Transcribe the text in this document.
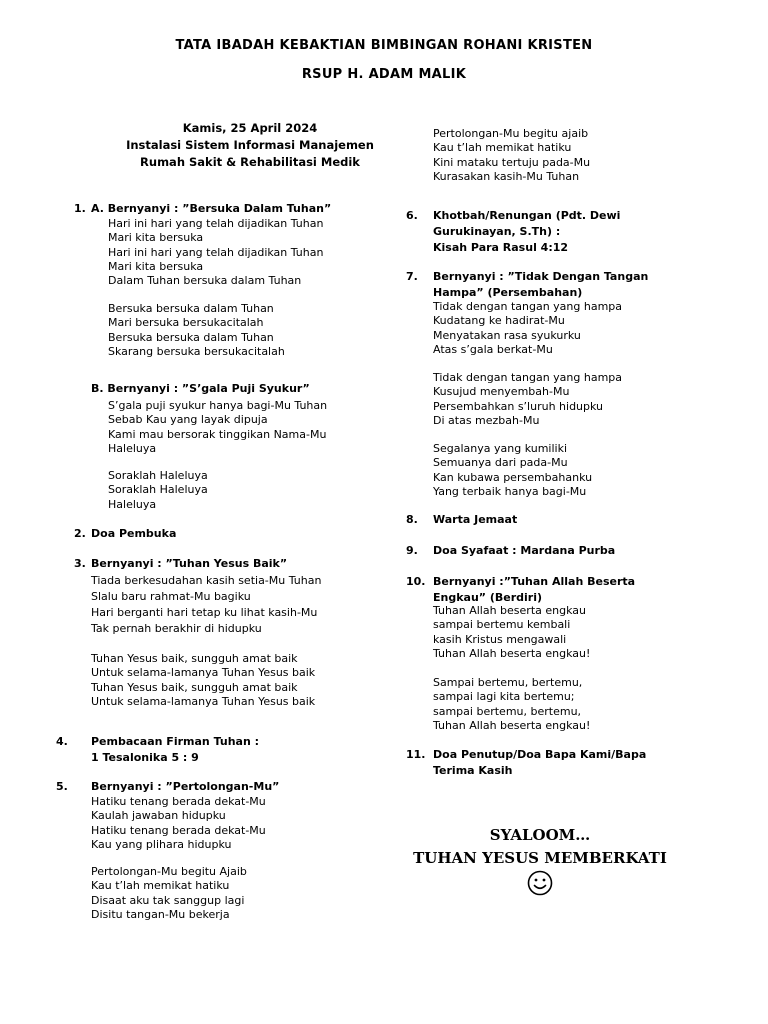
TATA IBADAH KEBAKTIAN BIMBINGAN ROHANI KRISTEN
RSUP H. ADAM MALIK
Kamis, 25 April 2024
Instalasi Sistem Informasi Manajemen
Rumah Sakit & Rehabilitasi Medik
1. A. Bernyanyi : ”Bersuka Dalam Tuhan”
Hari ini hari yang telah dijadikan Tuhan
Mari kita bersuka
Hari ini hari yang telah dijadikan Tuhan
Mari kita bersuka
Dalam Tuhan bersuka dalam Tuhan
Bersuka bersuka dalam Tuhan
Mari bersuka bersukacitalah
Bersuka bersuka dalam Tuhan
Skarang bersuka bersukacitalah
B. Bernyanyi : ”S’gala Puji Syukur”
S’gala puji syukur hanya bagi-Mu Tuhan
Sebab Kau yang layak dipuja
Kami mau bersorak tinggikan Nama-Mu
Haleluya
Soraklah Haleluya
Soraklah Haleluya
Haleluya
2. Doa Pembuka
3. Bernyanyi : ”Tuhan Yesus Baik”
Tiada berkesudahan kasih setia-Mu Tuhan
Slalu baru rahmat-Mu bagiku
Hari berganti hari tetap ku lihat kasih-Mu
Tak pernah berakhir di hidupku
Tuhan Yesus baik, sungguh amat baik
Untuk selama-lamanya Tuhan Yesus baik
Tuhan Yesus baik, sungguh amat baik
Untuk selama-lamanya Tuhan Yesus baik
4. Pembacaan Firman Tuhan :
1 Tesalonika 5 : 9
5. Bernyanyi : ”Pertolongan-Mu”
Hatiku tenang berada dekat-Mu
Kaulah jawaban hidupku
Hatiku tenang berada dekat-Mu
Kau yang plihara hidupku
Pertolongan-Mu begitu Ajaib
Kau t’lah memikat hatiku
Disaat aku tak sanggup lagi
Disitu tangan-Mu bekerja
Pertolongan-Mu begitu ajaib
Kau t’lah memikat hatiku
Kini mataku tertuju pada-Mu
Kurasakan kasih-Mu Tuhan
6. Khotbah/Renungan (Pdt. Dewi
Gurukinayan, S.Th) :
Kisah Para Rasul 4:12
7. Bernyanyi : ”Tidak Dengan Tangan
Hampa” (Persembahan)
Tidak dengan tangan yang hampa
Kudatang ke hadirat-Mu
Menyatakan rasa syukurku
Atas s’gala berkat-Mu
Tidak dengan tangan yang hampa
Kusujud menyembah-Mu
Persembahkan s’luruh hidupku
Di atas mezbah-Mu
Segalanya yang kumiliki
Semuanya dari pada-Mu
Kan kubawa persembahanku
Yang terbaik hanya bagi-Mu
8. Warta Jemaat
9. Doa Syafaat : Mardana Purba
10. Bernyanyi :”Tuhan Allah Beserta
Engkau” (Berdiri)
Tuhan Allah beserta engkau
sampai bertemu kembali
kasih Kristus mengawali
Tuhan Allah beserta engkau!
Sampai bertemu, bertemu,
sampai lagi kita bertemu;
sampai bertemu, bertemu,
Tuhan Allah beserta engkau!
11. Doa Penutup/Doa Bapa Kami/Bapa
Terima Kasih
SYALOOM…
TUHAN YESUS MEMBERKATI
